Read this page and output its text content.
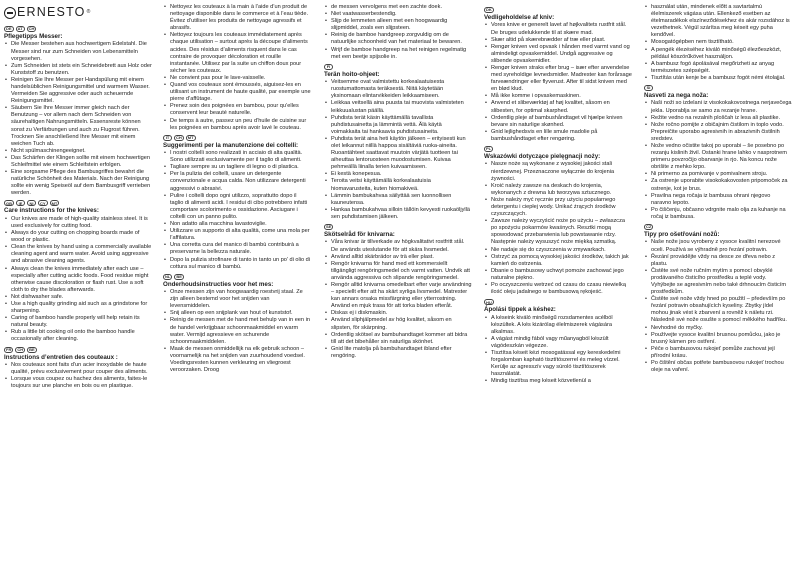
ERNESTO ®
DE	AT	CH
Pflegetipps Messer:
• Die Messer bestehen aus hochwertigem Edelstahl. Die Messer sind nur zum Schneiden von Lebensmitteln vorgesehen.
• Zum Schneiden ist stets ein Schneidebrett aus Holz oder Kunststoff zu benutzen.
• Reinigen Sie Ihre Messer per Handspülung mit einem handelsüblichen Reinigungsmittel und warmem Wasser. Vermeiden Sie aggressive oder auch scheuernde Reinigungsmittel.
• Säubern Sie Ihre Messer immer gleich nach der Benutzung – vor allem nach dem Schneiden von säurehaltigen Nahrungsmitteln. Essensreste können sonst zu Verfärbungen und auch zu Flugrost führen. Trocknen Sie anschließend Ihre Messer mit einem weichen Tuch ab.
• Nicht spülmaschinengeeignet.
• Das Schärfen der Klingen sollte mit einem hochwertigen Schleifmittel wie einem Schleifstein erfolgen.
• Eine sorgsame Pflege des Bambusgriffes bewahrt die natürliche Schönheit des Materials. Nach der Reinigung sollte ein wenig Speiseöl auf dem Bambusgriff verrieben werden.
GB	IE	NI	CY	MT
Care instructions for the knives:
• Our knives are made of high-quality stainless steel. It is used exclusively for cutting food.
• Always do your cutting on chopping boards made of wood or plastic.
• Clean the knives by hand using a commercially available cleaning agent and warm water. Avoid using aggressive and abrasive cleaning agents.
• Always clean the knives immediately after each use – especially after cutting acidic foods. Food residue might otherwise cause discoloration or flash rust. Use a soft cloth to dry the blades afterwards.
• Not dishwasher safe.
• Use a high quality grinding aid such as a grindstone for sharpening.
• Caring of bamboo handle properly will help retain its natural beauty.
• Rub a little bit cooking oil onto the bamboo handle occasionally after cleaning.
FR	CH	BE
Instructions d’entretien des couteaux :
• Nos couteaux sont faits d’un acier inoxydable de haute qualité, prévu exclusivement pour couper des aliments.
• Lorsque vous coupez ou hachez des aliments, faites-le toujours sur une planche en bois ou en plastique.
• Nettoyez les couteaux à la main à l’aide d’un produit de nettoyage disponible dans le commerce et à l’eau tiède. Évitez d’utiliser les produits de nettoyage agressifs et abrasifs.
• Nettoyez toujours les couteaux immédiatement après chaque utilisation – surtout après la découpe d’aliments acides. Des résidus d’aliments risquent dans le cas contraire de provoquer décoloration et rouille instantanée. Utilisez par la suite un chiffon doux pour sécher les couteaux.
• Ne convient pas pour le lave-vaisselle.
• Quand vos couteaux sont émoussés, aiguisez-les en utilisant un instrument de haute qualité, par exemple une pierre d’affûtage.
• Prenez soin des poignées en bambou, pour qu’elles conservent leur beauté naturelle.
• De temps à autre, passez un peu d’huile de cuisine sur les poignées en bambou après avoir lavé le couteau.
IT	CH	MT
Suggerimenti per la manutenzione dei coltelli:
• I nostri coltelli sono realizzati in acciaio di alta qualità. Sono utilizzati esclusivamente per il taglio di alimenti.
• Tagliare sempre su un tagliere di legno o di plastica.
• Per la pulizia dei coltelli, usare un detergente convenzionale e acqua calda. Non utilizzare detergenti aggressivi o abrasivi.
• Pulire i coltelli dopo ogni utilizzo, soprattutto dopo il taglio di alimenti acidi. I residui di cibo potrebbero infatti comportare scolorimento e ossidazione. Asciugare i coltelli con un panno pulito.
• Non adatto alla macchina lavastoviglie.
• Utilizzare un supporto di alta qualità, come una mola per l’affilatura.
• Una corretta cura del manico di bambù contribuirà a preservarne la bellezza naturale.
• Dopo la pulizia strofinare di tanto in tanto un po’ di olio di cottura sul manico di bambù.
NL	BE
Onderhoudsinstructies voor het mes:
• Onze messen zijn van hoogwaardig roestvrij staal. Ze zijn alleen bestemd voor het snijden van levensmiddelen.
• Snij alleen op een snijplank van hout of kunststof.
• Reinig de messen met de hand met behulp van in een in de handel verkrijgbaar schoonmaakmiddel en warm water. Vermijd agressieve en schurende schoonmaakmiddelen.
• Maak de messen onmiddellijk na elk gebruik schoon – voornamelijk na het snijden van zuurhoudend voedsel. Voedingsresten kunnen verkleuring en vliegroest veroorzaken. Droog
• de messen vervolgens met een zachte doek.
• Niet vaatwasserbestendig.
• Slijp de lemmeten alleen met een hoogwaardig slijpmiddel, zoals een slijpsteen.
• Reinig de bamboe handgreep zorgvuldig om de natuurlijke schoonheid van het materiaal te bewaren.
• Wrijf de bamboe handgreep na het reinigen regelmatig met een beetje spijsolie in.
FI
Terän hoito-ohjeet:
• Veitsemme ovat valmistettu korkealaatuisesta ruostumattomasta teräksestä. Niitä käytetään yksinomaan elintarvikkeiden leikkaamiseen.
• Leikkaa veitsellä aina puusta tai muovista valmisteten leikkuualustan päällä.
• Puhdista terät käsin käyttämällä tavallista puhdistusainetta ja lämmintä vettä. Älä käytä voimakkaita tai hankaavia puhdistusaineita.
• Puhdista terät aina heti käytön jälkeen – erityisesti kun olet leikannut niillä happoa sisältäviä ruoka-aineita. Ruoantähteet saattavat muutoin värjätä tuotteen tai aiheuttaa lentoruosteen muodostumisen. Kuivaa pehmeällä liinalla terien kuivaamiseen.
• Ei kestä konepesua.
• Teroita veitsi käyttämällä korkealaatuisia hiomavarusteita, kuten hiomakiveä.
• Lämmin bambukahvaa säilyttää sen luonnollisen kauneutensa.
• Hankaa bambukahvaa silloin tällöin kevyesti ruokaöljyllä sen puhdistamisen jälkeen.
SE
Skötselråd för knivarna:
• Våra knivar är tillverkade av högkvalitativt rostfritt stål. De används uteslutande för att skära livsmedel.
• Använd alltid skärbrädor av trä eller plast.
• Rengör knivarna för hand med ett kommersiellt tillgängligt rengöringsmedel och varmt vatten. Undvik att använda aggressiva och slipande rengöringsmedel.
• Rengör alltid knivarna omedelbart efter varje användning – speciellt efter att ha skärt syrliga livsmedel. Matrester kan annars orsaka missfärgning eller ytterrostning. Använd en mjuk trasa för att torka bladen efteråt.
• Diskas ej i diskmaskin.
• Använd sliphjälpmedel av hög kvalitet, såsom en slipsten, för skärpning.
• Ordentlig skötsel av bambuhandtaget kommer att bidra till att det bibehåller sin naturliga skönhet.
• Gnid lite matolja på bambuhandtaget ibland efter rengöring.
DK
Vedligeholdelse af kniv:
• Vores knive er generelt lavet af højkvalitets rustfrit stål. De bruges udelukkende til at skære mad.
• Skær altid på skærebrædder af træ eller plast.
• Rengør kniven ved opvask i hånden med varmt vand og almindeligt opvaskemiddel. Undgå aggressive og slibende opvaskemidler.
• Rengør kniven straks efter brug – især efter anvendelse med syreholdige levnedsmidler. Madrester kan forårsage farveændringer eller flyverust. After til sidst kniven med en blød klud.
• Må ikke komme i opvaskemaskinen.
• Anvend et slibeværktøj af høj kvalitet, såsom en slibesten, for optimal skarphed.
• Ordentlig pleje af bambushåndtaget vil hjælpe kniven bevare sin naturlige skønhed.
• Gnid lejlighedsvis en lille smule madolie på bambushåndtaget efter rengøring.
PL
Wskazówki dotyczące pielęgnacji noży:
• Nasze noże są wykonane z wysokiej jakości stali nierdzewnej. Przeznaczone wyłącznie do krojenia żywności.
• Kroić należy zawsze na deskach do krojenia, wykonanych z drewna lub tworzywa sztucznego.
• Noże należy myć ręcznie przy użyciu popularnego detergentu i ciepłej wody. Unikać żrących środków czyszczących.
• Zawsze należy wyczyścić noże po użyciu – zwłaszcza po spożyciu pokarmów kwaśnych. Resztki mogą spowodować przebarwienia lub powstawanie rdzy. Następnie należy wysuszyć noże miękką szmatką.
• Nie nadaje się do czyszczenia w zmywarkach.
• Ostrzyć za pomocą wysokiej jakości środków, takich jak kamień do ostrzenia.
• Dbanie o bambusowy uchwyt pomoże zachować jego naturalne piękno.
• Po oczyszczeniu wetrzeć od czasu do czasu niewielką ilość oleju jadalnego w bambusową rękojeść.
HU
Ápolási tippek a késhez:
• A késeink kiváló minőségű rozsdamentes acélból készültek. A kés kizárólag élelmiszerek vágására alkalmas.
• A vágást mindig fából vagy műanyagból készült vágódeszkán végezze.
• Tisztítsa késeit kézi mosogatással egy kereskedelmi forgalomban kapható tisztítószerrel és meleg vízzel. Kerülje az agresszív vagy súroló tisztítószerek használatát.
• Mindig tisztítsa meg késeit közvetlenül a
• használat után, mindenek előtt a savtartalmú élelmiszerek vágása után. Ellenkező esetben az ételmaradékok elszíneződésekhez és akár rozsdához is vezethetnek. Végül szárítsa meg késeit egy puha kendővel.
• Mosogatógépben nem tisztítható.
• A pengék élezéséhez kiváló minőségű élezőeszközt, például köszörűkövet használjon.
• A bambusz fogó ápolásával megőrizheti az anyag természetes szépségét.
• Tisztítás után kenje be a bambusz fogót némi étolajjal.
SI
Nasveti za nega noža:
• Naši noži so izdelani iz visokokakovostnega nerjavečega jekla. Uporablja se samo za rezanje hrane.
• Režite vedno na rezalnih ploščah iz lesa ali plastike.
• Nože ročno pomijte z običajnim čistilom in toplo vodo. Prepreičite uporabo agresivnih in abrazivnih čistilnih sredstev.
• Nože vedno očistite takoj po uporabi – še posebno po rezanju kislinih živil. Ostanki hrane lahko v nasprotnem primeru povzročijo obarvanje in rjo. Na koncu nože obrišite z mehko krpo.
• Ni primerno za pomivanje v pomivalnem stroju.
• Za ostrenje uporabite visokokakovosten pripomoček za ostrenje, kot je brus.
• Pravilna nega ročaja iz bambusa ohrani njegovo naravno lepoto.
• Po čiščenju, občasno vdrgnite malo olja za kuhanje na ročaj iz bambusa.
CZ
Tipy pro ošetřování nožů:
• Naše nože jsou vyrobeny z vysoce kvalitní nerezové oceli. Používá se výhradně pro řezání potravin.
• Řezání provádějte vždy na desce ze dřeva nebo z plastu.
• Čistěte své nože ručním mytím s pomocí obvyklé prodávaného čisticího prostředku a teplé vody. Vyhýbejte se agresivním nebo také drhnoucím čisticím prostředkům.
• Čistěte své nože vždy hned po použití – především po řezání potravin obsahujících kyseliny. Zbytky jídel mohou jinak vést k zbarvení a rovněž k náletu rzi. Následně své nože osušte s pomocí měkkého hadříku.
• Nevhodné do myčky.
• Používejte vysoce kvalitní brusnou pomůcku, jako je brusný kámen pro ostření.
• Péče o bambusovou rukojeť pomůže zachovat její přírodní krásu.
• Po čištění občas potřete bambusovou rukojeť trochou oleje na vaření.
